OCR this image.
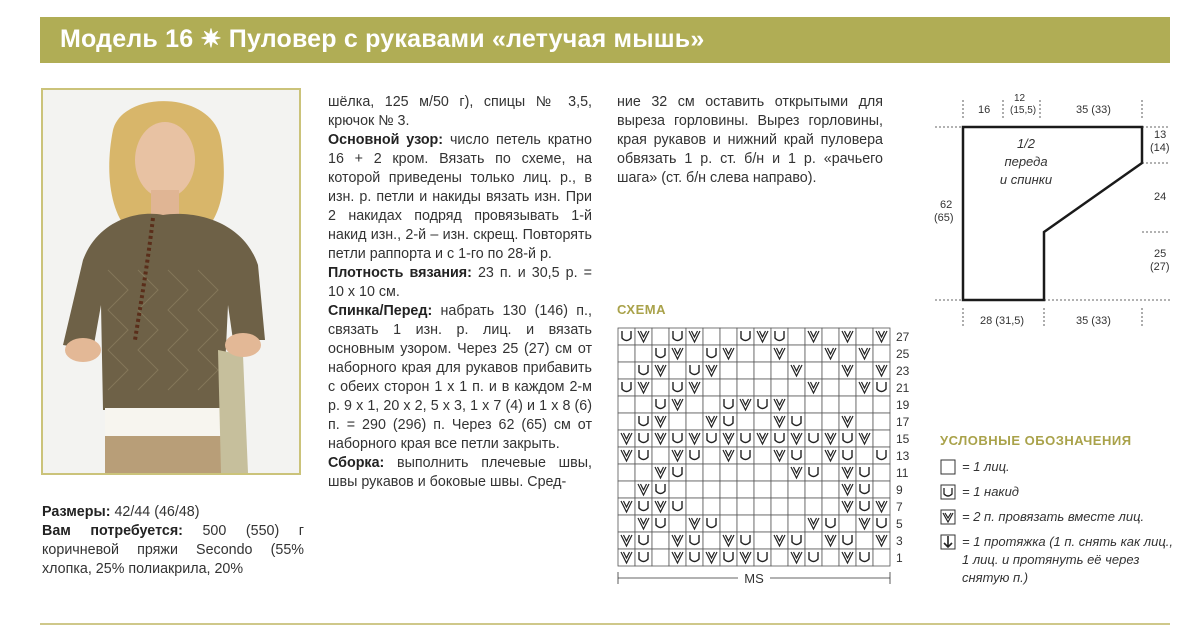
Модель 16 ✷ Пуловер с рукавами «летучая мышь»

Размеры: 42/44 (46/48)

Вам потребуется: 500 (550) г коричневой пряжи Secondo (55% хлопка, 25% полиакрила, 20%

шёлка, 125 м/50 г), спицы № 3,5, крючок № 3.

Основной узор: число петель кратно 16 + 2 кром. Вязать по схеме, на которой приведены только лиц. р., в изн. р. петли и накиды вязать изн. При 2 накидах подряд провязывать 1-й накид изн., 2-й – изн. скрещ. Повторять петли раппорта и с 1-го по 28-й р.

Плотность вязания: 23 п. и 30,5 р. = 10 х 10 см.

Спинка/Перед: набрать 130 (146) п., связать 1 изн. р. лиц. и вязать основным узором. Через 25 (27) см от наборного края для рукавов прибавить с обеих сторон 1 х 1 п. и в каждом 2-м р. 9 х 1, 20 х 2, 5 х 3, 1 х 7 (4) и 1 х 8 (6) п. = 290 (296) п. Через 62 (65) см от наборного края все петли закрыть.

Сборка: выполнить плечевые швы, швы рукавов и боковые швы. Сред-

ние 32 см оставить открытыми для выреза горловины. Вырез горловины, края рукавов и нижний край пуловера обвязать 1 р. ст. б/н и 1 р. «рачьего шага» (ст. б/н слева направо).

16
12
(15,5)	35 (33)
1/2
переда
и спинки
62
(65)
13
(14)
24
25
(27)
28 (31,5)	35 (33)
СХЕМА
27
25
23
21
19
17
15
13
11
9
7
5
3
1
MS
УСЛОВНЫЕ ОБОЗНАЧЕНИЯ
= 1 лиц.
= 1 накид
= 2 п. провязать вместе лиц.
= 1 протяжка (1 п. снять как лиц., 1 лиц. и протянуть её через снятую п.)
